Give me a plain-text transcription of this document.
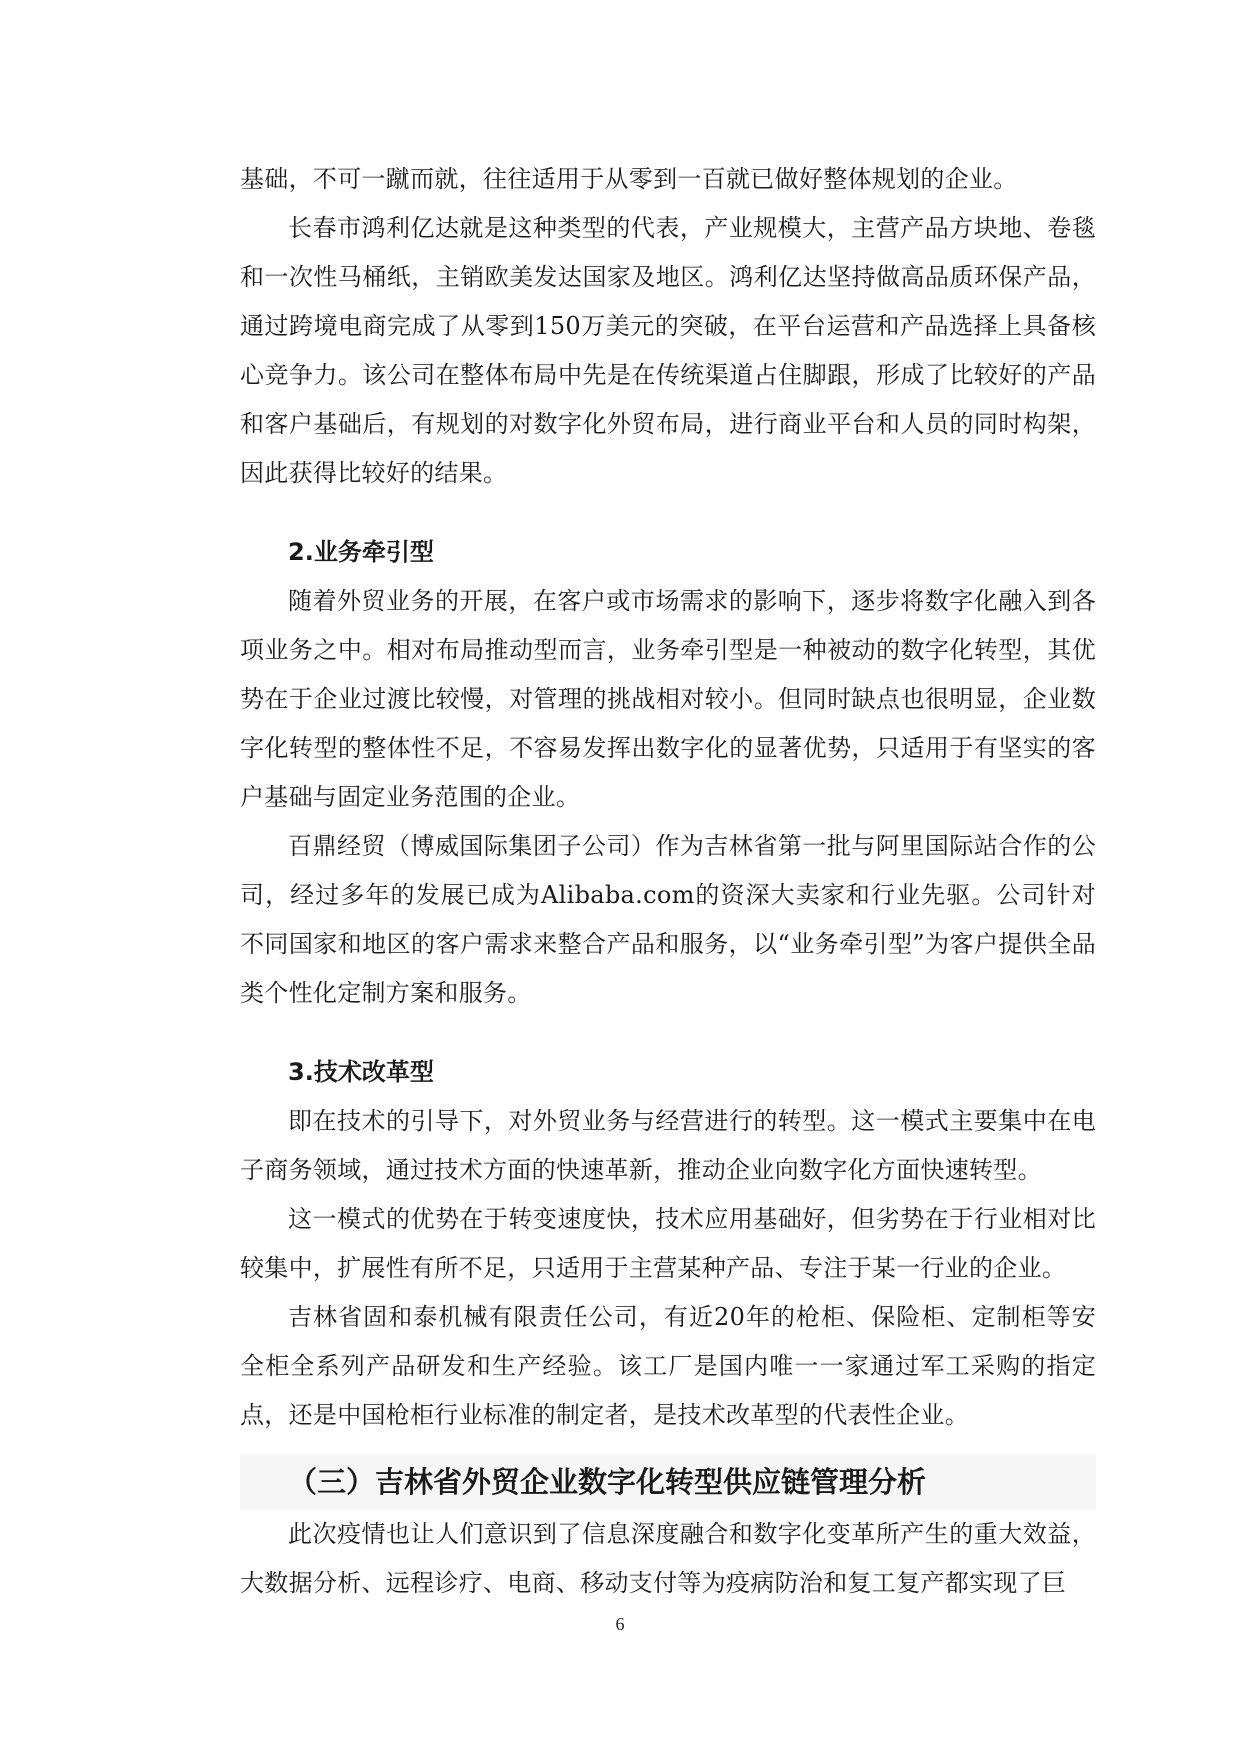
基础，不可一蹴而就，往往适用于从零到一百就已做好整体规划的企业。

长春市鸿利亿达就是这种类型的代表，产业规模大，主营产品方块地、卷毯和一次性马桶纸，主销欧美发达国家及地区。鸿利亿达坚持做高品质环保产品，通过跨境电商完成了从零到150万美元的突破，在平台运营和产品选择上具备核心竞争力。该公司在整体布局中先是在传统渠道占住脚跟，形成了比较好的产品和客户基础后，有规划的对数字化外贸布局，进行商业平台和人员的同时构架，因此获得比较好的结果。

2.业务牵引型

随着外贸业务的开展，在客户或市场需求的影响下，逐步将数字化融入到各项业务之中。相对布局推动型而言，业务牵引型是一种被动的数字化转型，其优势在于企业过渡比较慢，对管理的挑战相对较小。但同时缺点也很明显，企业数字化转型的整体性不足，不容易发挥出数字化的显著优势，只适用于有坚实的客户基础与固定业务范围的企业。

百鼎经贸（博威国际集团子公司）作为吉林省第一批与阿里国际站合作的公司，经过多年的发展已成为Alibaba.com的资深大卖家和行业先驱。公司针对不同国家和地区的客户需求来整合产品和服务，以“业务牵引型”为客户提供全品类个性化定制方案和服务。

3.技术改革型

即在技术的引导下，对外贸业务与经营进行的转型。这一模式主要集中在电子商务领域，通过技术方面的快速革新，推动企业向数字化方面快速转型。

这一模式的优势在于转变速度快，技术应用基础好，但劣势在于行业相对比较集中，扩展性有所不足，只适用于主营某种产品、专注于某一行业的企业。

吉林省固和泰机械有限责任公司，有近20年的枪柜、保险柜、定制柜等安全柜全系列产品研发和生产经验。该工厂是国内唯一一家通过军工采购的指定点，还是中国枪柜行业标准的制定者，是技术改革型的代表性企业。

（三）吉林省外贸企业数字化转型供应链管理分析

此次疫情也让人们意识到了信息深度融合和数字化变革所产生的重大效益，大数据分析、远程诊疗、电商、移动支付等为疫病防治和复工复产都实现了巨

6
